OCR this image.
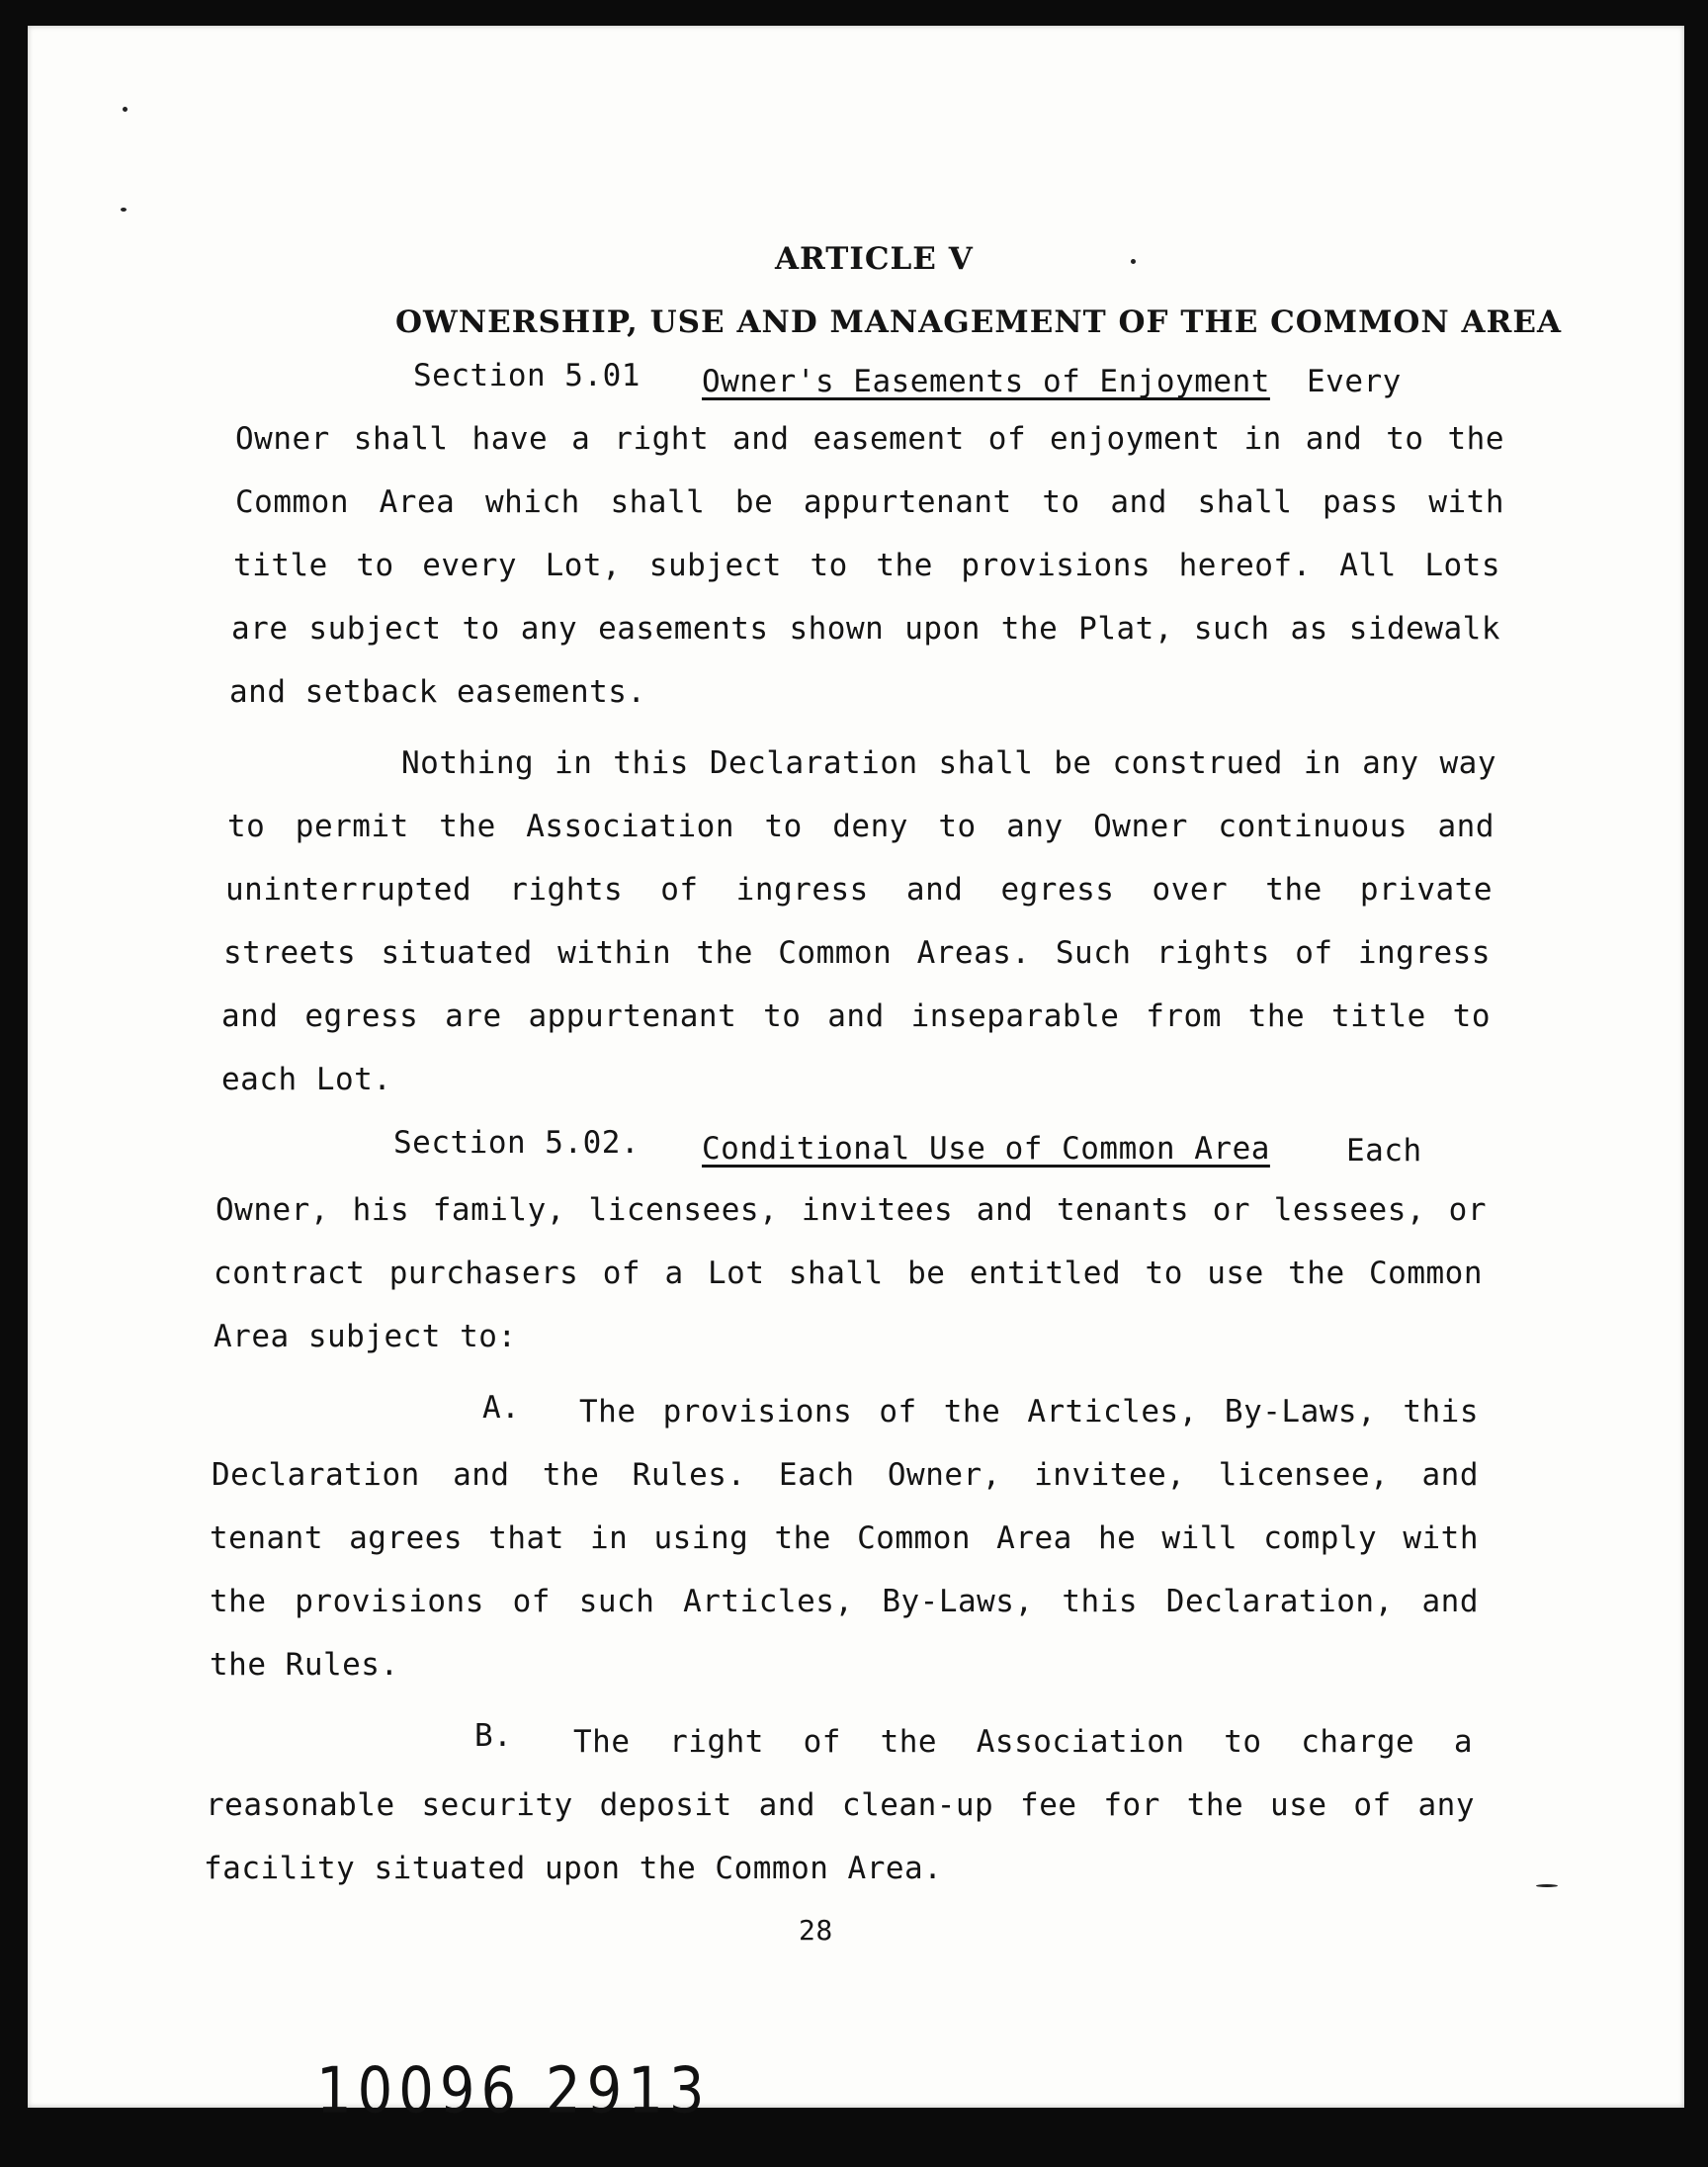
ARTICLE V
OWNERSHIP, USE AND MANAGEMENT OF THE COMMON AREA
Section 5.01 Owner's Easements of Enjoyment Every
Owner shall have a right and easement of enjoyment in and to the
Common Area which shall be appurtenant to and shall pass with
title to every Lot, subject to the provisions hereof. All Lots
are subject to any easements shown upon the Plat, such as sidewalk
and setback easements.
Nothing in this Declaration shall be construed in any way
to permit the Association to deny to any Owner continuous and
uninterrupted rights of ingress and egress over the private
streets situated within the Common Areas. Such rights of ingress
and egress are appurtenant to and inseparable from the title to
each Lot.
Section 5.02. Conditional Use of Common Area Each
Owner, his family, licensees, invitees and tenants or lessees, or
contract purchasers of a Lot shall be entitled to use the Common
Area subject to:
A. The provisions of the Articles, By-Laws, this
Declaration and the Rules. Each Owner, invitee, licensee, and
tenant agrees that in using the Common Area he will comply with
the provisions of such Articles, By-Laws, this Declaration, and
the Rules.
B. The right of the Association to charge a
reasonable security deposit and clean-up fee for the use of any
facility situated upon the Common Area.
28
10096 2913
